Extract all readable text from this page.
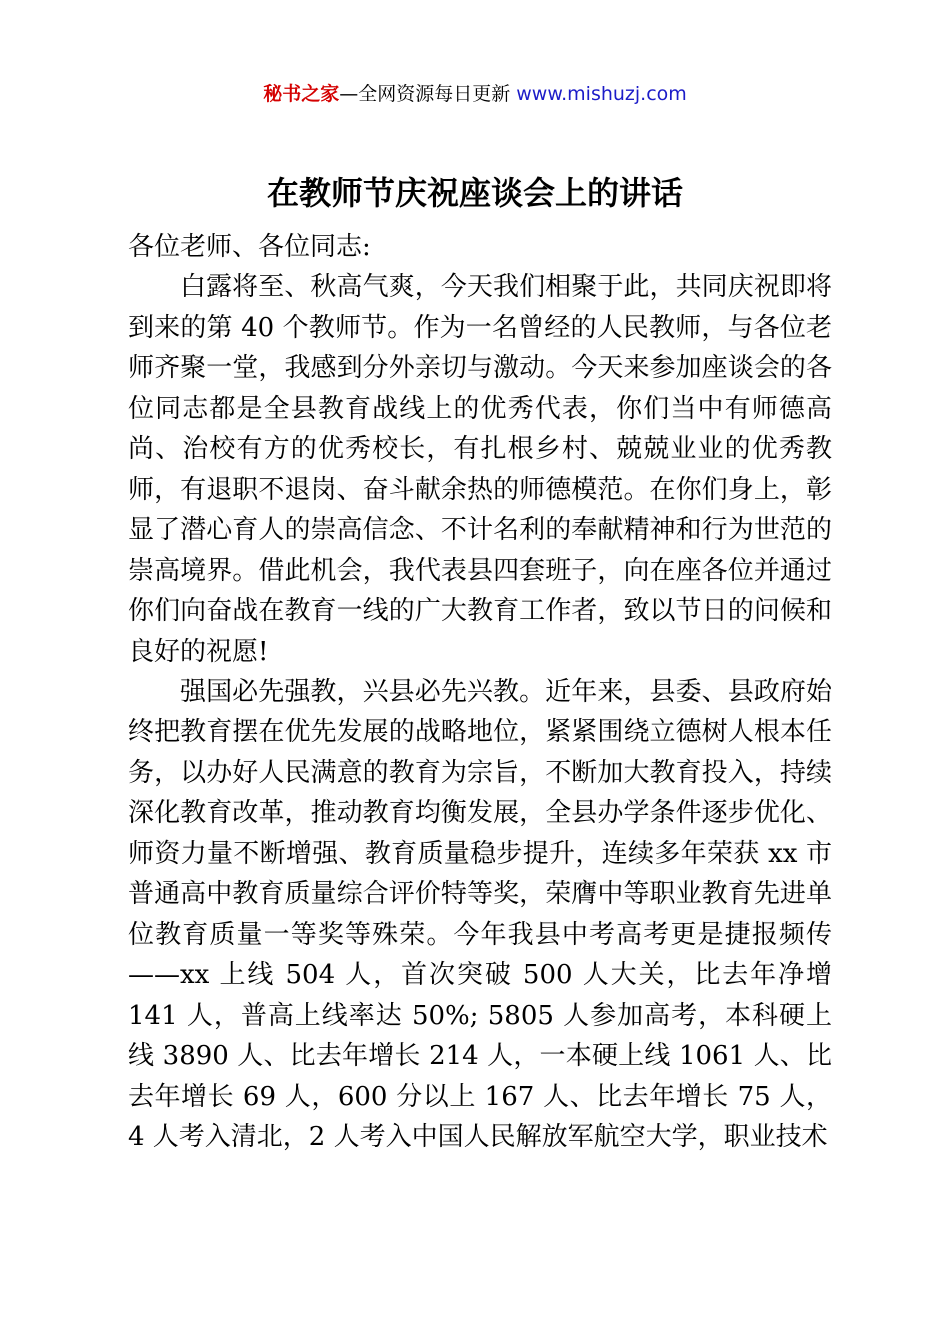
秘书之家—全网资源每日更新 www.mishuzj.com
在教师节庆祝座谈会上的讲话

各位老师、各位同志:

白露将至、秋高气爽，今天我们相聚于此，共同庆祝即将到来的第 40 个教师节。作为一名曾经的人民教师，与各位老师齐聚一堂，我感到分外亲切与激动。今天来参加座谈会的各位同志都是全县教育战线上的优秀代表，你们当中有师德高尚、治校有方的优秀校长，有扎根乡村、兢兢业业的优秀教师，有退职不退岗、奋斗献余热的师德模范。在你们身上，彰显了潜心育人的崇高信念、不计名利的奉献精神和行为世范的崇高境界。借此机会，我代表县四套班子，向在座各位并通过你们向奋战在教育一线的广大教育工作者，致以节日的问候和良好的祝愿!

强国必先强教，兴县必先兴教。近年来，县委、县政府始终把教育摆在优先发展的战略地位，紧紧围绕立德树人根本任务，以办好人民满意的教育为宗旨，不断加大教育投入，持续深化教育改革，推动教育均衡发展，全县办学条件逐步优化、师资力量不断增强、教育质量稳步提升，连续多年荣获 xx 市普通高中教育质量综合评价特等奖，荣膺中等职业教育先进单位教育质量一等奖等殊荣。今年我县中考高考更是捷报频传——xx 上线 504 人，首次突破 500 人大关，比去年净增 141 人，普高上线率达 50%; 5805 人参加高考，本科硬上线 3890 人、比去年增长 214 人，一本硬上线 1061 人、比去年增长 69 人，600 分以上 167 人、比去年增长 75 人，4 人考入清北，2 人考入中国人民解放军航空大学，职业技术
